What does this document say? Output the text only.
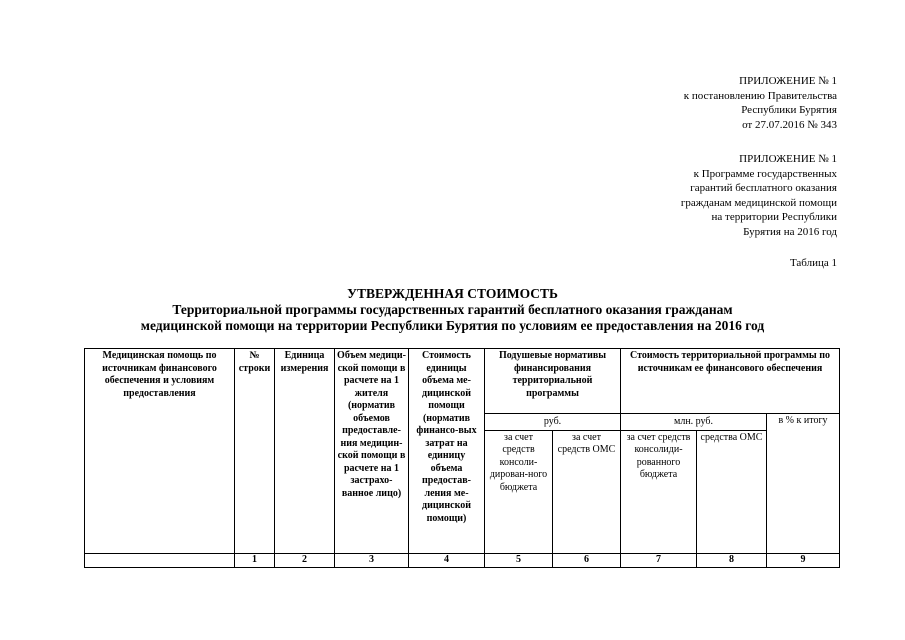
ПРИЛОЖЕНИЕ № 1
к постановлению Правительства
Республики Бурятия
от 27.07.2016 № 343
ПРИЛОЖЕНИЕ № 1
к Программе государственных
гарантий бесплатного оказания
гражданам медицинской помощи
на территории Республики
Бурятия на 2016 год
Таблица 1
УТВЕРЖДЕННАЯ СТОИМОСТЬ
Территориальной программы государственных гарантий бесплатного оказания гражданам
медицинской помощи на территории Республики Бурятия по условиям ее предоставления на 2016 год
Медицинская помощь по источникам финансового обеспечения и условиям предоставления	№ строки	Единица измерения	Объем медици-ской помощи в расчете на 1 жителя (норматив объемов предоставле-ния медицин-ской помощи в расчете на 1 застрахо-ванное лицо)	Стоимость единицы объема ме-дицинской помощи (норматив финансо-вых затрат на единицу объема предостав-ления ме-дицинской помощи)	Подушевые нормативы финансирования территориальной программы		Стоимость территориальной программы по источникам ее финансового обеспечения		
					руб.		млн. руб.		в % к итогу
					за счет средств консоли-дирован-ного бюджета	за счет средств ОМС	за счет средств консолиди-рованного бюджета	средства ОМС	
	1	2	3	4	5	6	7	8	9
